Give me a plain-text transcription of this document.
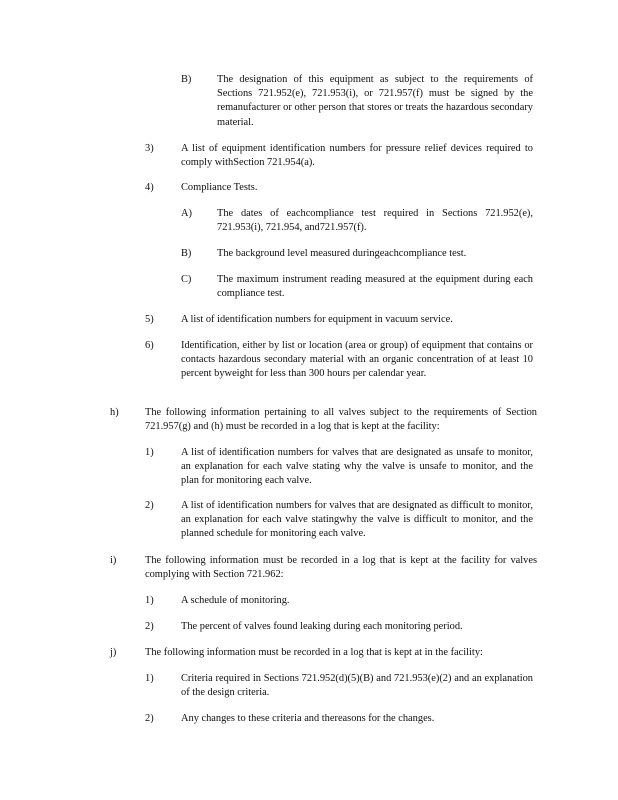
B) The designation of this equipment as subject to the requirements of Sections 721.952(e), 721.953(i), or 721.957(f) must be signed by the remanufacturer or other person that stores or treats the hazardous secondary material.
3)	A list of equipment identification numbers for pressure relief devices required to comply withSection 721.954(a).
4)	Compliance Tests.
A) The dates of eachcompliance test required in Sections 721.952(e), 721.953(i), 721.954, and721.957(f).
B) The background level measured duringeachcompliance test.
C) The maximum instrument reading measured at the equipment during each compliance test.
5)	A list of identification numbers for equipment in vacuum service.
6)	Identification, either by list or location (area or group) of equipment that contains or contacts hazardous secondary material with an organic concentration of at least 10 percent byweight for less than 300 hours per calendar year.
h)	The following information pertaining to all valves subject to the requirements of Section 721.957(g) and (h) must be recorded in a log that is kept at the facility:
1)	A list of identification numbers for valves that are designated as unsafe to monitor, an explanation for each valve stating why the valve is unsafe to monitor, and the plan for monitoring each valve.
2)	A list of identification numbers for valves that are designated as difficult to monitor, an explanation for each valve statingwhy the valve is difficult to monitor, and the planned schedule for monitoring each valve.
i)	The following information must be recorded in a log that is kept at the facility for valves complying with Section 721.962:
1)	A schedule of monitoring.
2)	The percent of valves found leaking during each monitoring period.
j)	The following information must be recorded in a log that is kept at in the facility:
1)	Criteria required in Sections 721.952(d)(5)(B) and 721.953(e)(2) and an explanation of the design criteria.
2)	Any changes to these criteria and thereasons for the changes.
